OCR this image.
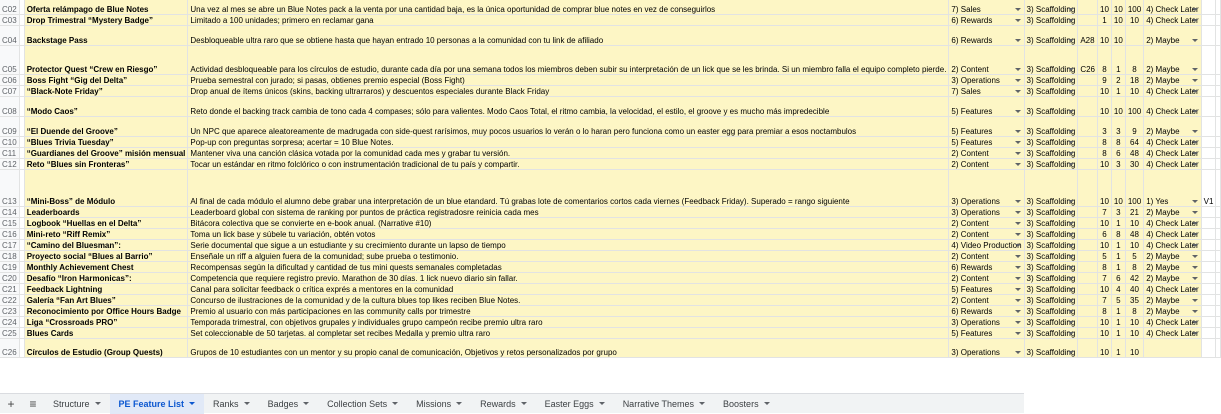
C02		Oferta relámpago de Blue Notes	Una vez al mes se abre un Blue Notes pack a la venta por una cantidad baja, es la única oportunidad de comprar blue notes en vez de conseguirlos	7) Sales	3) Scaffolding		10	10	100	4) Check Later

C03		Drop Trimestral “Mystery Badge”	Limitado a 100 unidades; primero en reclamar gana	6) Rewards	3) Scaffolding		1	10	10	4) Check Later

C04		Backstage Pass	Desbloqueable ultra raro que se obtiene hasta que hayan entrado 10 personas a la comunidad con tu link de afiliado	6) Rewards	3) Scaffolding	A28	10	10		2) Maybe

C05		Protector Quest “Crew en Riesgo”	Actividad desbloqueable para los círculos de estudio, durante cada día por una semana todos los miembros deben subir su interpretación de un lick que se les brinda. Si un miembro falla el equipo completo pierde.	2) Content	3) Scaffolding	C26	8	1	8	2) Maybe

C06		Boss Fight “Gig del Delta”	Prueba semestral con jurado; si pasas, obtienes premio especial (Boss Fight)	3) Operations	3) Scaffolding		9	2	18	2) Maybe

C07		“Black-Note Friday”	Drop anual de ítems únicos (skins, backing ultrarraros) y descuentos especiales durante Black Friday	7) Sales	3) Scaffolding		10	1	10	4) Check Later

C08		“Modo Caos”	Reto donde el backing track cambia de tono cada 4 compases; sólo para valientes. Modo Caos Total, el ritmo cambia, la velocidad, el estilo, el groove y es mucho más impredecible	5) Features	3) Scaffolding		10	10	100	4) Check Later

C09		“El Duende del Groove”	Un NPC que aparece aleatoreamente de madrugada con side-quest rarísimos, muy pocos usuarios lo verán o lo haran pero funciona como un easter egg para premiar a esos noctambulos	5) Features	3) Scaffolding		3	3	9	2) Maybe

C10		“Blues Trivia Tuesday”	Pop-up con preguntas sorpresa; acertar = 10 Blue Notes.	5) Features	3) Scaffolding		8	8	64	4) Check Later

C11		“Guardianes del Groove” misión mensual	Mantener viva una canción clásica votada por la comunidad cada mes y grabar tu versión.	2) Content	3) Scaffolding		8	6	48	4) Check Later

C12		Reto “Blues sin Fronteras”	Tocar un estándar en ritmo folclórico o con instrumentación tradicional de tu país y compartir.	2) Content	3) Scaffolding		10	3	30	4) Check Later

C13		“Mini-Boss” de Módulo	Al final de cada módulo el alumno debe grabar una interpretación de un blue etandard. Tú grabas lote de comentarios cortos cada viernes (Feedback Friday). Superado = rango siguiente	3) Operations	3) Scaffolding		10	10	100	1) Yes	V1	
C14		Leaderboards	Leaderboard global con sistema de ranking por puntos de práctica registradosre reinicia cada mes	3) Operations	3) Scaffolding		7	3	21	2) Maybe

C15		Logbook “Huellas en el Delta”	Bitácora colectiva que se convierte en e-book anual. (Narrative #10)	2) Content	3) Scaffolding		10	1	10	4) Check Later

C16		Mini-reto “Riff Remix”	Toma un lick base y súbele tu variación, obtén votos	2) Content	3) Scaffolding		6	8	48	4) Check Later

C17		“Camino del Bluesman”:	Serie documental que sigue a un estudiante y su crecimiento durante un lapso de tiempo	4) Video Production	3) Scaffolding		10	1	10	4) Check Later

C18		Proyecto social “Blues al Barrio”	Enseñale un riff a alguien fuera de la comunidad; sube prueba o testimonio.	2) Content	3) Scaffolding		5	1	5	2) Maybe

C19		Monthly Achievement Chest	Recompensas según la dificultad y cantidad de tus mini quests semanales completadas	6) Rewards	3) Scaffolding		8	1	8	2) Maybe

C20		Desafío “Iron Harmonicas”:	Competencia que requiere registro previo. Marathon de 30 días. 1 lick nuevo diario sin fallar.	2) Content	3) Scaffolding		7	6	42	2) Maybe

C21		Feedback Lightning	Canal para solicitar feedback o crítica exprés a mentores en la comunidad	5) Features	3) Scaffolding		10	4	40	4) Check Later

C22		Galería “Fan Art Blues”	Concurso de ilustraciones de la comunidad y de la cultura blues top likes reciben Blue Notes.	2) Content	3) Scaffolding		7	5	35	2) Maybe

C23		Reconocimiento por Office Hours Badge	Premio al usuario con más participaciones en las community calls por trimestre	6) Rewards	3) Scaffolding		8	1	8	2) Maybe

C24		Liga “Crossroads PRO”	Temporada trimestral, con objetivos grupales y individuales grupo campeón recibe premio ultra raro	3) Operations	3) Scaffolding		10	1	10	4) Check Later

C25		Blues Cards	Set coleccionable de 50 tarjetas. al completar set recibes Medalla y premio ultra raro	5) Features	3) Scaffolding		10	1	10	4) Check Later

C26		Círculos de Estudio (Group Quests)	Grupos de 10 estudiantes con un mentor y su propio canal de comunicación, Objetivos y retos personalizados por grupo	3) Operations	3) Scaffolding		10	1	10			
+	≡	Structure	PE Feature List	Ranks	Badges	Collection Sets	Missions	Rewards	Easter Eggs	Narrative Themes	Boosters
